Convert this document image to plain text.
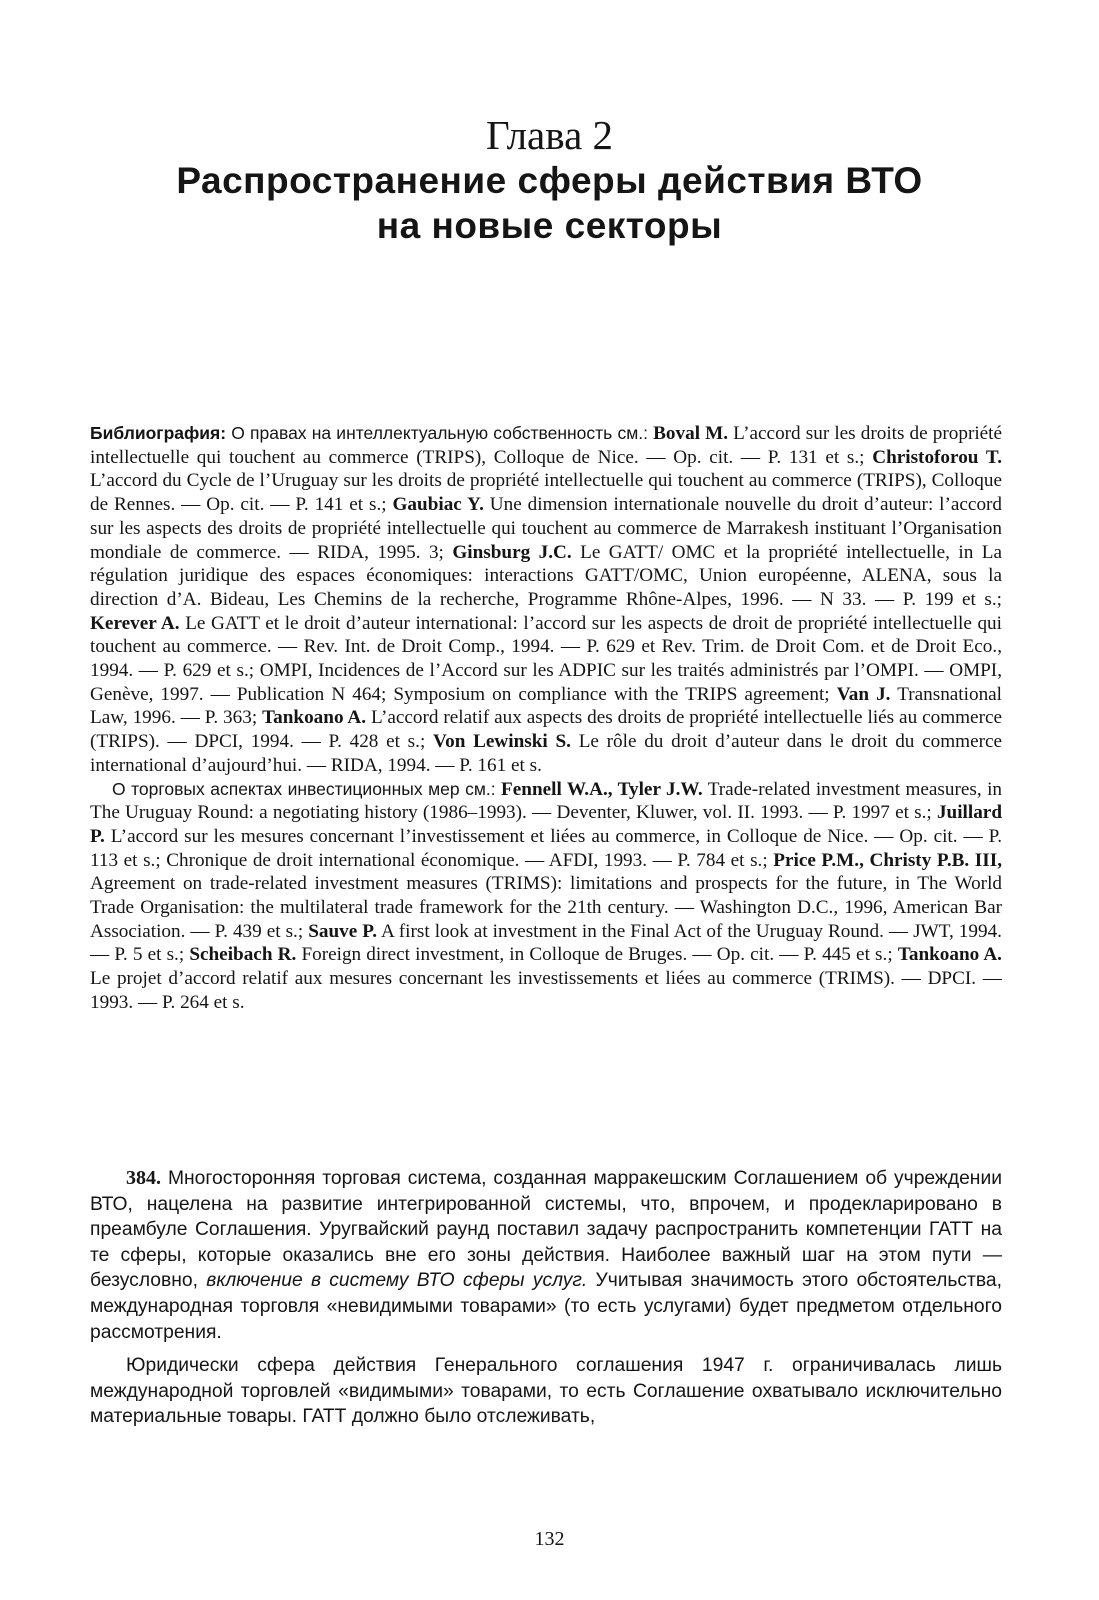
Глава 2
Распространение сферы действия ВТО
на новые секторы

Библиография: О правах на интеллектуальную собственность см.: Boval M. L’accord sur les droits de propriété intellectuelle qui touchent au commerce (TRIPS), Colloque de Nice. — Op. cit. — P. 131 et s.; Christoforou T. L’accord du Cycle de l’Uruguay sur les droits de propriété intellectuelle qui touchent au commerce (TRIPS), Colloque de Rennes. — Op. cit. — P. 141 et s.; Gaubiac Y. Une dimension internationale nouvelle du droit d’auteur: l’accord sur les aspects des droits de propriété intellectuelle qui touchent au commerce de Marrakesh instituant l’Organisation mondiale de commerce. — RIDA, 1995. 3; Ginsburg J.C. Le GATT/ OMC et la propriété intellectuelle, in La régulation juridique des espaces économiques: interactions GATT/OMC, Union européenne, ALENA, sous la direction d’A. Bideau, Les Chemins de la recherche, Programme Rhône-Alpes, 1996. — N 33. — P. 199 et s.; Kerever A. Le GATT et le droit d’auteur international: l’accord sur les aspects de droit de propriété intellectuelle qui touchent au commerce. — Rev. Int. de Droit Comp., 1994. — P. 629 et Rev. Trim. de Droit Com. et de Droit Eco., 1994. — P. 629 et s.; OMPI, Incidences de l’Accord sur les ADPIC sur les traités administrés par l’OMPI. — OMPI, Genève, 1997. — Publication N 464; Symposium on compliance with the TRIPS agreement; Van J. Transnational Law, 1996. — P. 363; Tankoano A. L’accord relatif aux aspects des droits de propriété intellectuelle liés au commerce (TRIPS). — DPCI, 1994. — P. 428 et s.; Von Lewinski S. Le rôle du droit d’auteur dans le droit du commerce international d’aujourd’hui. — RIDA, 1994. — P. 161 et s.

О торговых аспектах инвестиционных мер см.: Fennell W.A., Tyler J.W. Trade-related investment measures, in The Uruguay Round: a negotiating history (1986–1993). — Deventer, Kluwer, vol. II. 1993. — P. 1997 et s.; Juillard P. L’accord sur les mesures concernant l’investissement et liées au commerce, in Colloque de Nice. — Op. cit. — P. 113 et s.; Chronique de droit international économique. — AFDI, 1993. — P. 784 et s.; Price P.M., Christy P.B. III, Agreement on trade-related investment measures (TRIMS): limitations and prospects for the future, in The World Trade Organisation: the multilateral trade framework for the 21th century. — Washington D.C., 1996, American Bar Association. — P. 439 et s.; Sauve P. A first look at investment in the Final Act of the Uruguay Round. — JWT, 1994. — P. 5 et s.; Scheibach R. Foreign direct investment, in Colloque de Bruges. — Op. cit. — P. 445 et s.; Tankoano A. Le projet d’accord relatif aux mesures concernant les investissements et liées au commerce (TRIMS). — DPCI. — 1993. — P. 264 et s.

384. Многосторонняя торговая система, созданная марракешским Соглашением об учреждении ВТО, нацелена на развитие интегрированной системы, что, впрочем, и продекларировано в преамбуле Соглашения. Уругвайский раунд поставил задачу распространить компетенции ГАТТ на те сферы, которые оказались вне его зоны действия. Наиболее важный шаг на этом пути — безусловно, включение в систему ВТО сферы услуг. Учитывая значимость этого обстоятельства, международная торговля «невидимыми товарами» (то есть услугами) будет предметом отдельного рассмотрения.

Юридически сфера действия Генерального соглашения 1947 г. ограничивалась лишь международной торговлей «видимыми» товарами, то есть Соглашение охватывало исключительно материальные товары. ГАТТ должно было отслеживать,

132
